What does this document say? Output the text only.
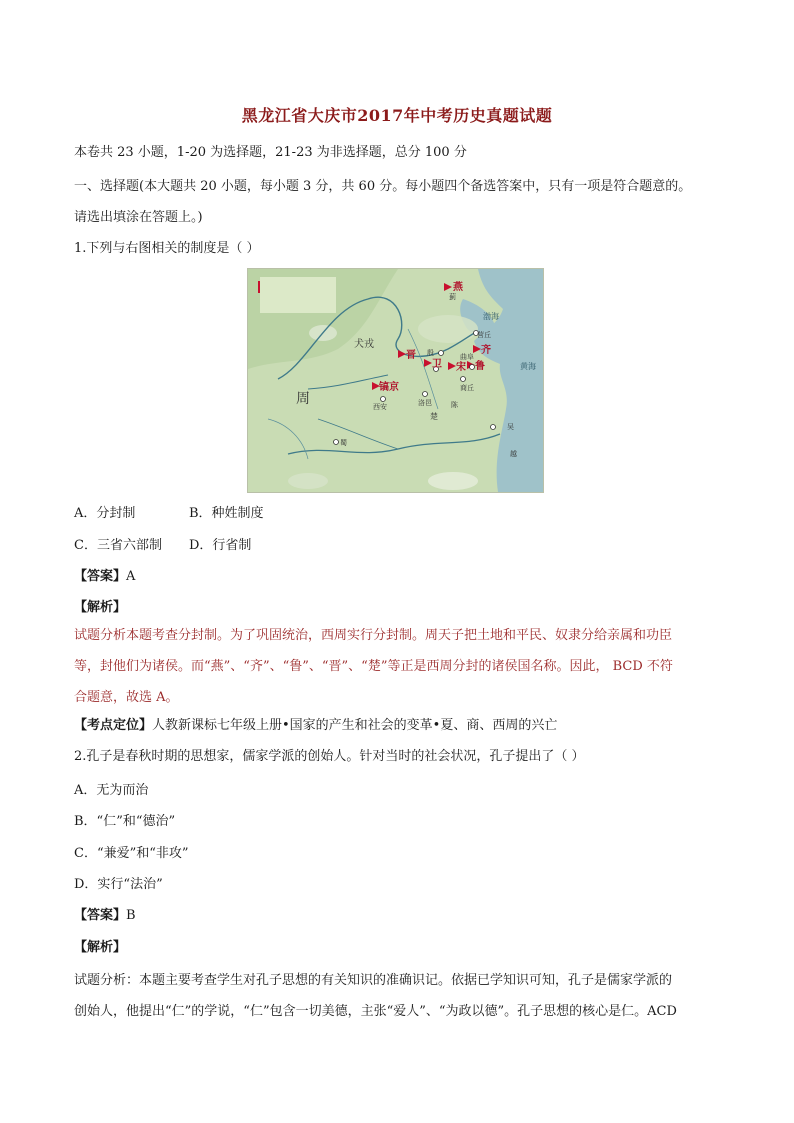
黑龙江省大庆市2017年中考历史真题试题
本卷共 23 小题，1-20 为选择题，21-23 为非选择题，总分 100 分
一、选择题(本大题共 20 小题，每小题 3 分，共 60 分。每小题四个备选答案中，只有一项是符合题意的。
请选出填涂在答题上。)
1.下列与右图相关的制度是（ ）
燕
晋
卫 宋
齐
鲁
镐京
犬戎
蓟
西安	洛邑
殷
营丘
曲阜
商丘
楚
陈
吴
越
蜀
周
渤海
黄海
A．分封制	B．种姓制度
C．三省六部制 D．行省制
【答案】A
【解析】
试题分析本题考查分封制。为了巩固统治，西周实行分封制。周天子把土地和平民、奴隶分给亲属和功臣
等，封他们为诸侯。而“燕”、“齐”、“鲁”、“晋”、“楚”等正是西周分封的诸侯国名称。因此， BCD 不符
合题意，故选 A。
【考点定位】人教新课标七年级上册•国家的产生和社会的变革•夏、商、西周的兴亡
2.孔子是春秋时期的思想家，儒家学派的创始人。针对当时的社会状况，孔子提出了（ ）
A．无为而治
B．“仁”和“德治”
C．“兼爱”和“非攻”
D．实行“法治”
【答案】B
【解析】
试题分析：本题主要考查学生对孔子思想的有关知识的准确识记。依据已学知识可知，孔子是儒家学派的
创始人，他提出“仁”的学说，“仁”包含一切美德，主张“爱人”、“为政以德”。孔子思想的核心是仁。ACD
